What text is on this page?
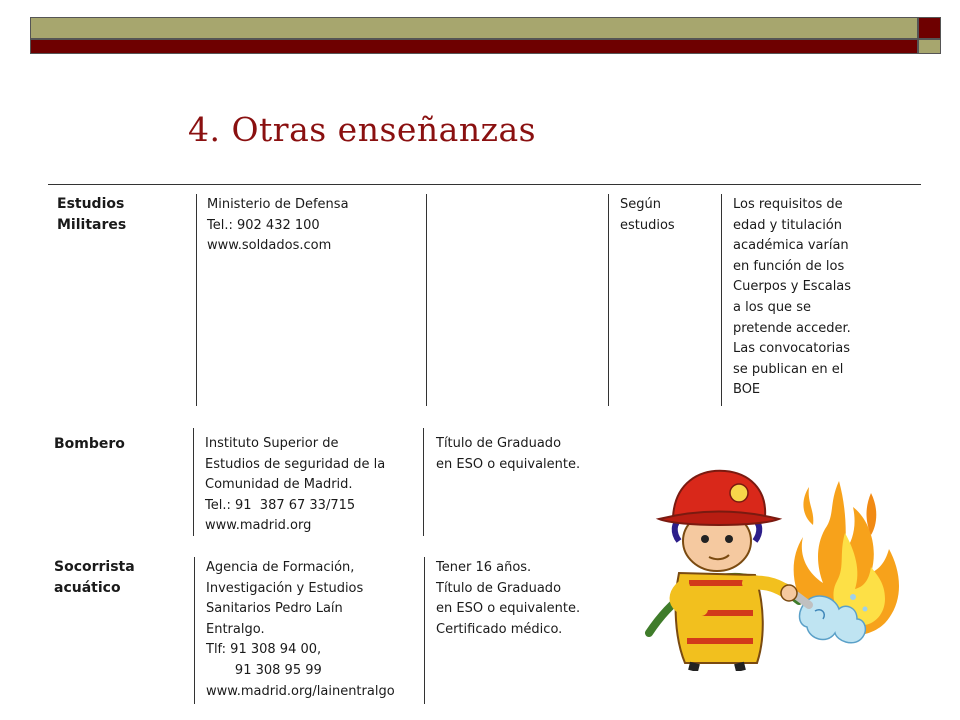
4. Otras enseñanzas
Estudios
Militares
Ministerio de Defensa
Tel.: 902 432 100
www.soldados.com
Según
estudios
Los requisitos de
edad y titulación
académica varían
en función de los
Cuerpos y Escalas
a los que se
pretende acceder.
Las convocatorias
se publican en el
BOE
Bombero	Instituto Superior de
Estudios de seguridad de la
Comunidad de Madrid.
Tel.: 91  387 67 33/715
www.madrid.org
Título de Graduado
en ESO o equivalente.
Socorrista
acuático
Agencia de Formación,
Investigación y Estudios
Sanitarios Pedro Laín
Entralgo.
Tlf: 91 308 94 00,
91 308 95 99
www.madrid.org/lainentralgo
Tener 16 años.
Título de Graduado
en ESO o equivalente.
Certificado médico.
